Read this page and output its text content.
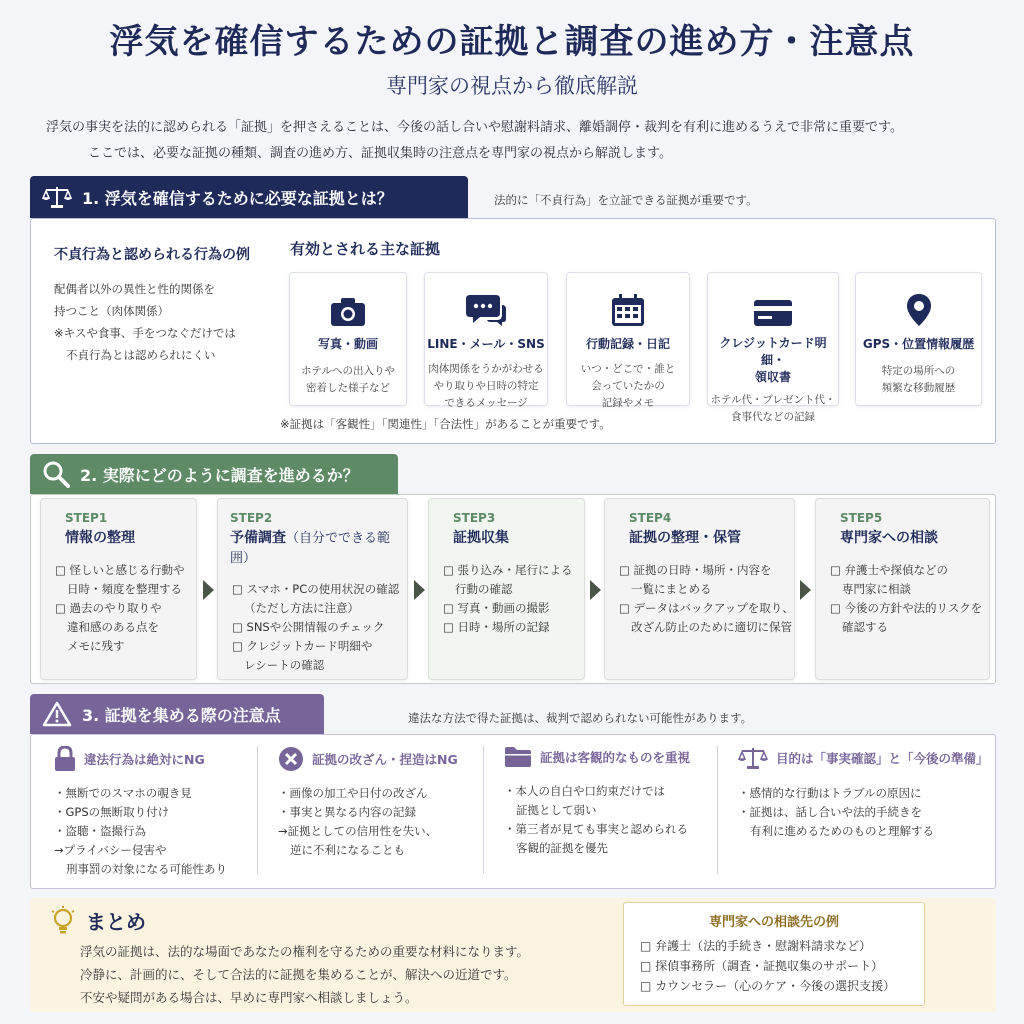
浮気を確信するための証拠と調査の進め方・注意点
専門家の視点から徹底解説
浮気の事実を法的に認められる「証拠」を押さえることは、今後の話し合いや慰謝料請求、離婚調停・裁判を有利に進めるうえで非常に重要です。
ここでは、必要な証拠の種類、調査の進め方、証拠収集時の注意点を専門家の視点から解説します。
1. 浮気を確信するために必要な証拠とは？	法的に「不貞行為」を立証できる証拠が重要です。
不貞行為と認められる行為の例
配偶者以外の異性と性的関係を
持つこと（肉体関係）
※キスや食事、手をつなぐだけでは
不貞行為とは認められにくい
有効とされる主な証拠
写真・動画
ホテルへの出入りや
密着した様子など
LINE・メール・SNS
肉体関係をうかがわせる
やり取りや日時の特定
できるメッセージ
行動記録・日記
いつ・どこで・誰と
会っていたかの
記録やメモ
クレジットカード明細・
領収書
ホテル代・プレゼント代・
食事代などの記録
GPS・位置情報履歴
特定の場所への
頻繁な移動履歴
※証拠は「客観性」「関連性」「合法性」があることが重要です。
2. 実際にどのように調査を進めるか？
STEP1
情報の整理
□ 怪しいと感じる行動や
日時・頻度を整理する
□ 過去のやり取りや
違和感のある点を
メモに残す
STEP2
予備調査（自分でできる範囲）
□ スマホ・PCの使用状況の確認
（ただし方法に注意）
□ SNSや公開情報のチェック
□ クレジットカード明細や
レシートの確認
STEP3
証拠収集
□ 張り込み・尾行による
行動の確認
□ 写真・動画の撮影
□ 日時・場所の記録
STEP4
証拠の整理・保管
□ 証拠の日時・場所・内容を
一覧にまとめる
□ データはバックアップを取り、
改ざん防止のために適切に保管
STEP5
専門家への相談
□ 弁護士や探偵などの
専門家に相談
□ 今後の方針や法的リスクを
確認する
3. 証拠を集める際の注意点	違法な方法で得た証拠は、裁判で認められない可能性があります。
違法行為は絶対にNG
・無断でのスマホの覗き見
・GPSの無断取り付け
・盗聴・盗撮行為
→プライバシー侵害や
刑事罰の対象になる可能性あり
証拠の改ざん・捏造はNG
・画像の加工や日付の改ざん
・事実と異なる内容の記録
→証拠としての信用性を失い、
逆に不利になることも
証拠は客観的なものを重視
・本人の自白や口約束だけでは
証拠として弱い
・第三者が見ても事実と認められる
客観的証拠を優先
目的は「事実確認」と「今後の準備」
・感情的な行動はトラブルの原因に
・証拠は、話し合いや法的手続きを
有利に進めるためのものと理解する
まとめ
浮気の証拠は、法的な場面であなたの権利を守るための重要な材料になります。
冷静に、計画的に、そして合法的に証拠を集めることが、解決への近道です。
不安や疑問がある場合は、早めに専門家へ相談しましょう。
専門家への相談先の例
□ 弁護士（法的手続き・慰謝料請求など）
□ 探偵事務所（調査・証拠収集のサポート）
□ カウンセラー（心のケア・今後の選択支援）
